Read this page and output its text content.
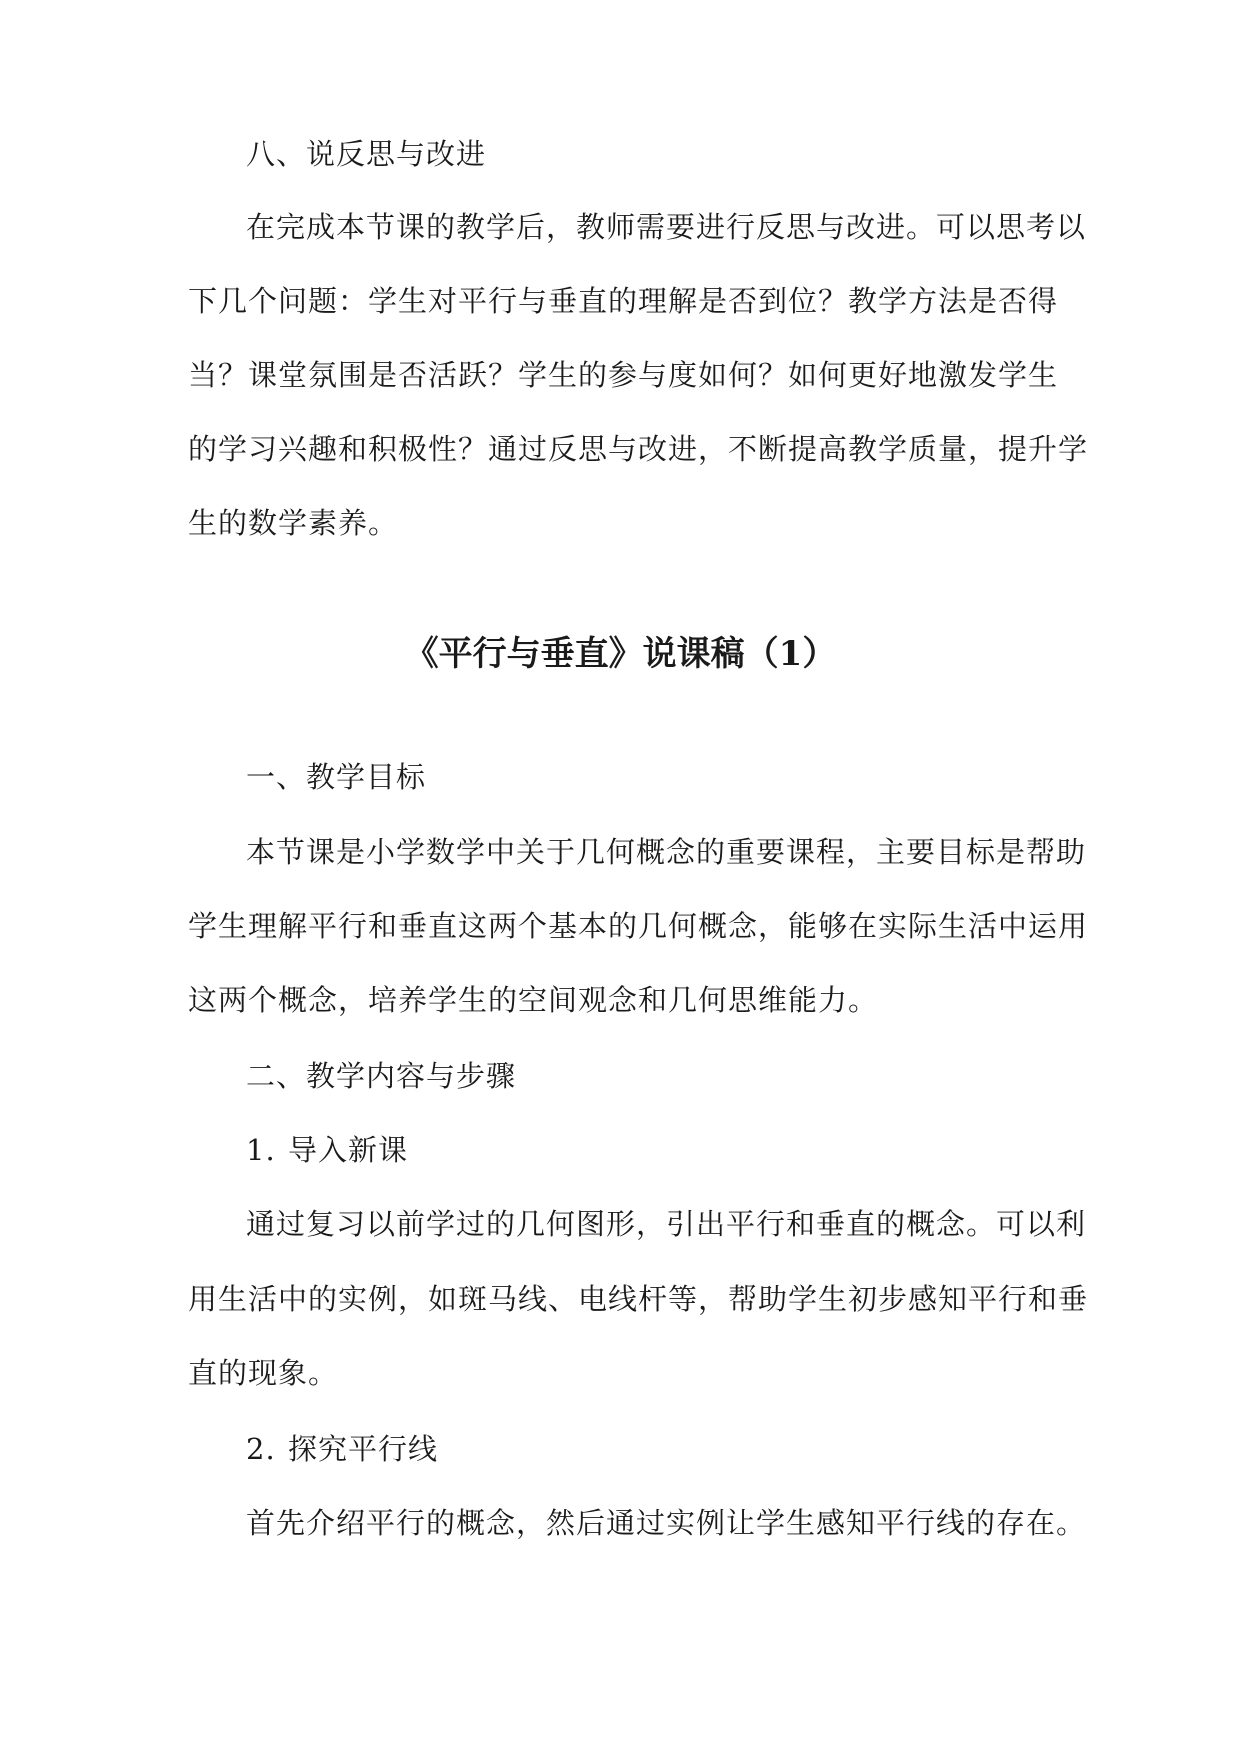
八、说反思与改进

在完成本节课的教学后，教师需要进行反思与改进。可以思考以

下几个问题：学生对平行与垂直的理解是否到位？教学方法是否得

当？课堂氛围是否活跃？学生的参与度如何？如何更好地激发学生

的学习兴趣和积极性？通过反思与改进，不断提高教学质量，提升学

生的数学素养。

《平行与垂直》说课稿（1）

一、教学目标

本节课是小学数学中关于几何概念的重要课程，主要目标是帮助

学生理解平行和垂直这两个基本的几何概念，能够在实际生活中运用

这两个概念，培养学生的空间观念和几何思维能力。

二、教学内容与步骤

1. 导入新课

通过复习以前学过的几何图形，引出平行和垂直的概念。可以利

用生活中的实例，如斑马线、电线杆等，帮助学生初步感知平行和垂

直的现象。

2. 探究平行线

首先介绍平行的概念，然后通过实例让学生感知平行线的存在。
